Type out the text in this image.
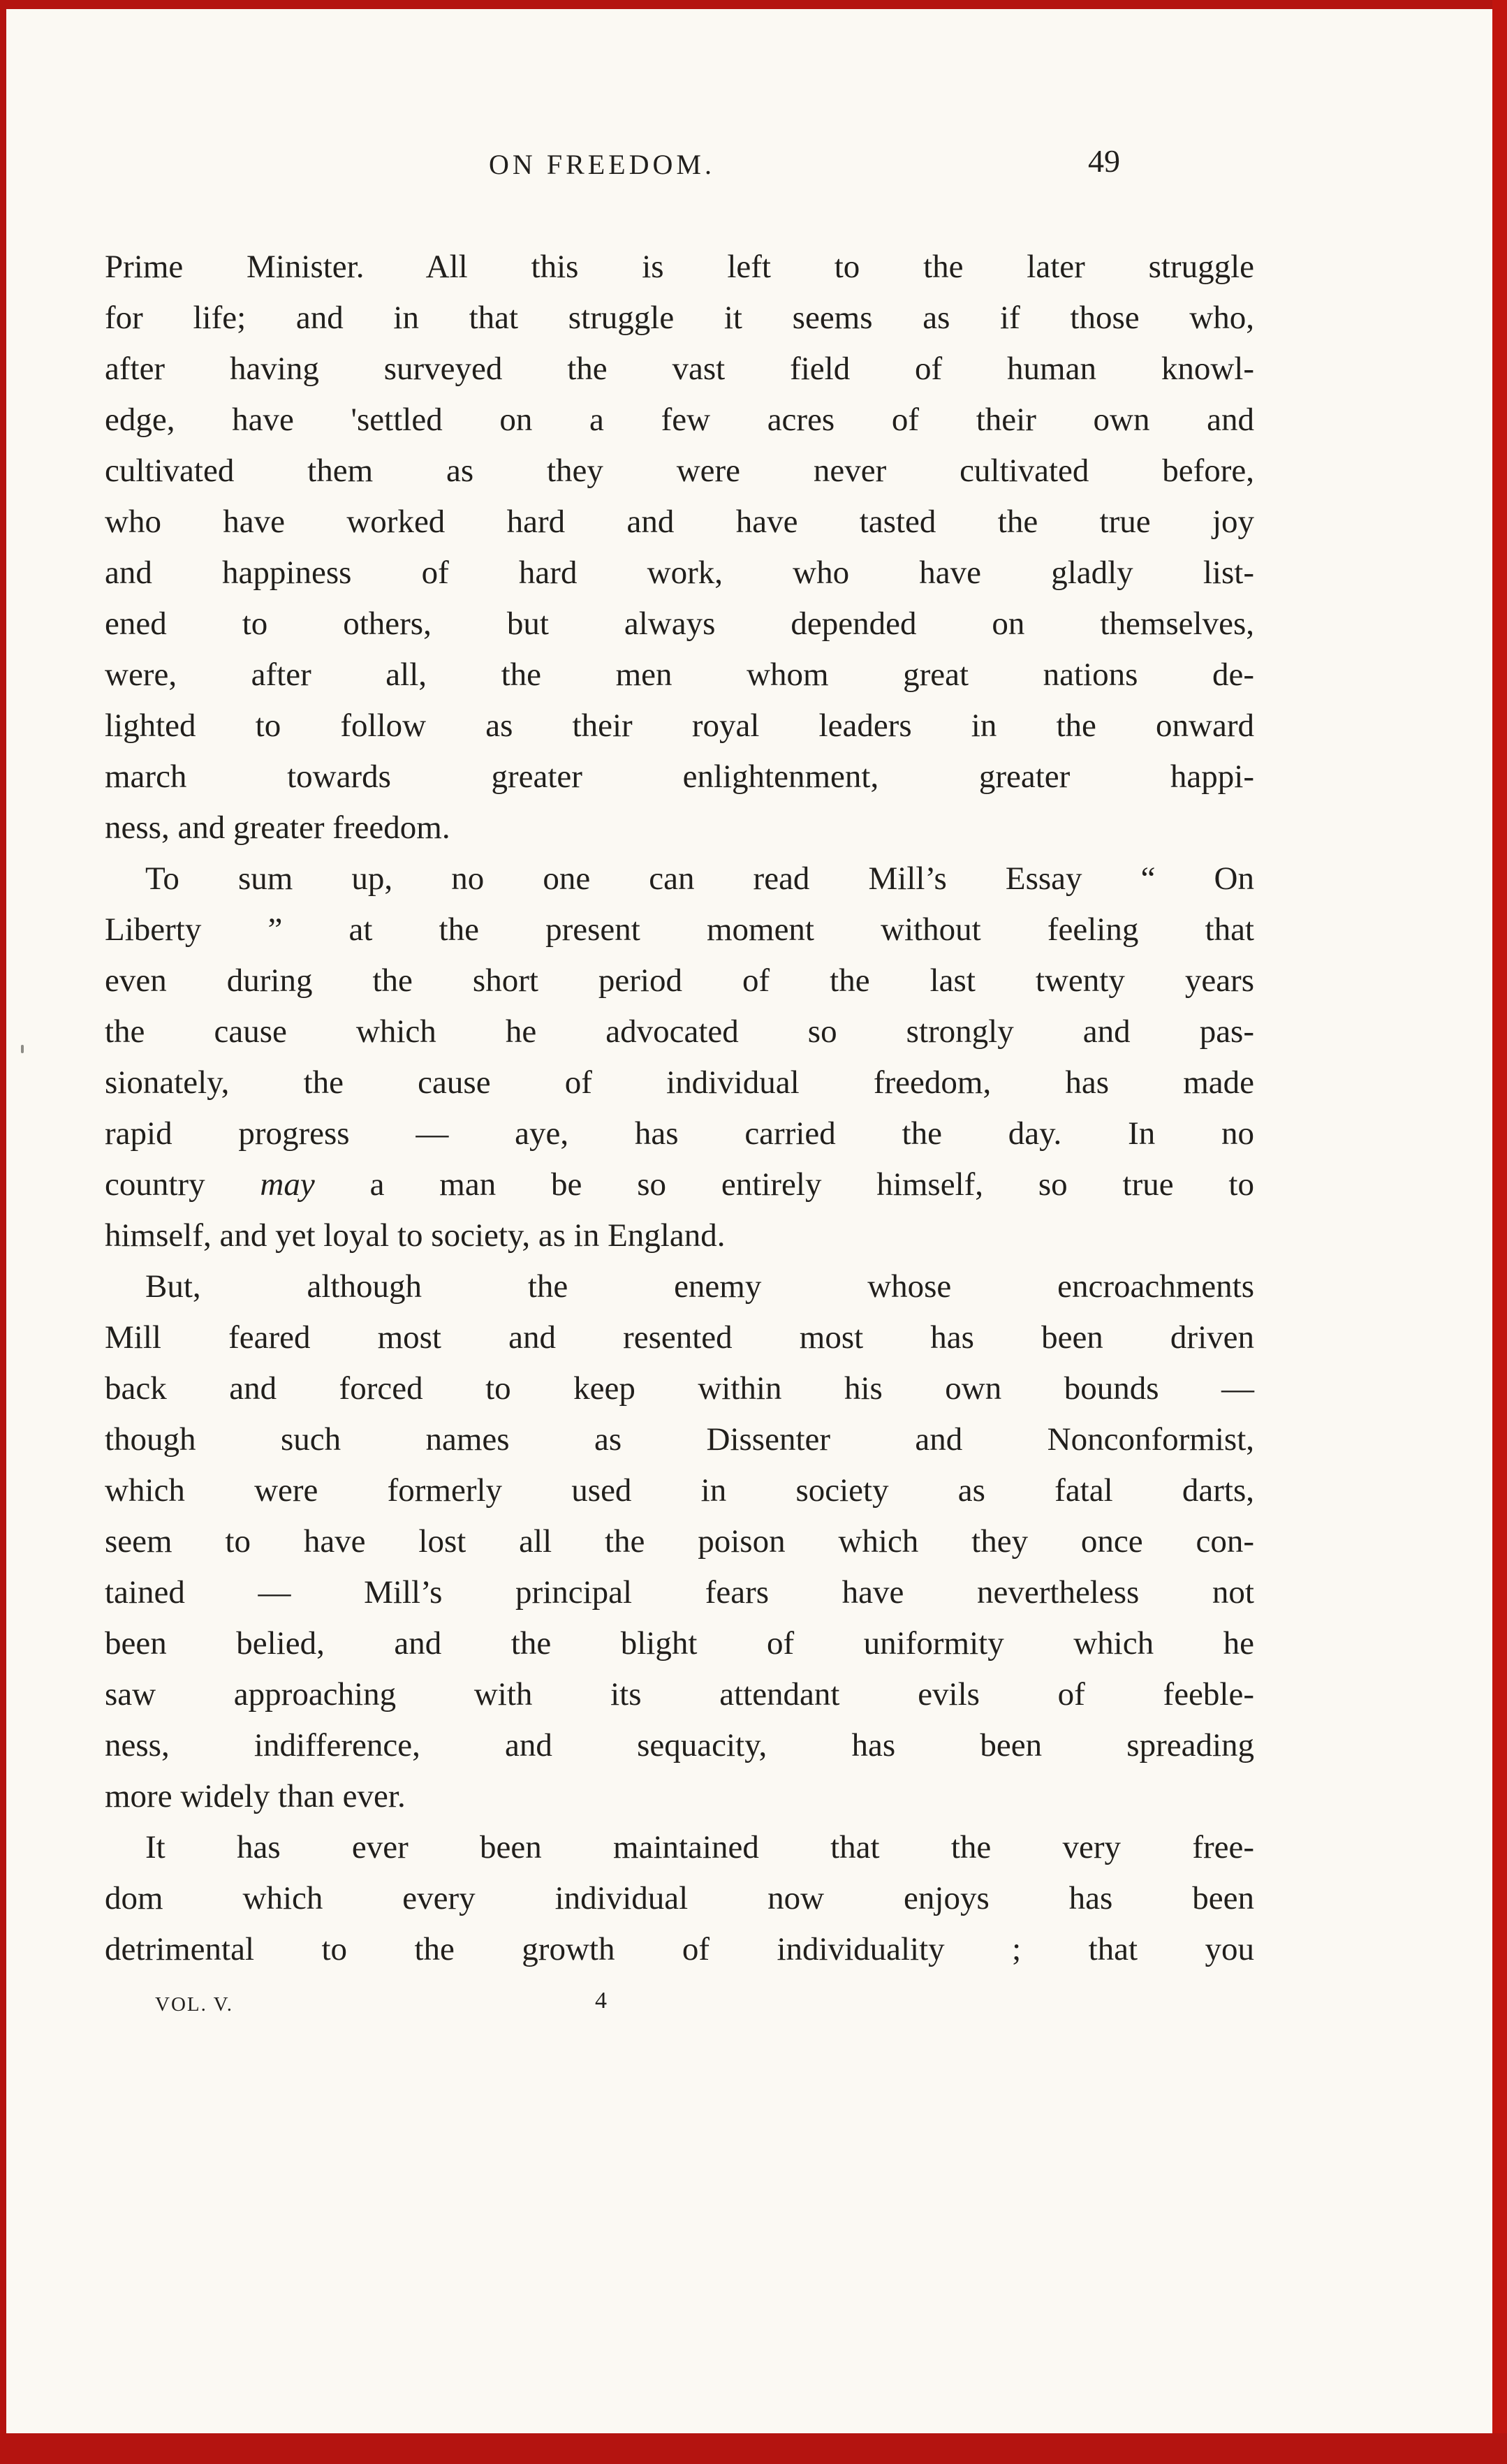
ON FREEDOM.	49
Prime Minister. All this is left to the later struggle
for life; and in that struggle it seems as if those who,
after having surveyed the vast field of human knowl-
edge, have 'settled on a few acres of their own and
cultivated them as they were never cultivated before,
who have worked hard and have tasted the true joy
and happiness of hard work, who have gladly list-
ened to others, but always depended on themselves,
were, after all, the men whom great nations de-
lighted to follow as their royal leaders in the onward
march towards greater enlightenment, greater happi-
ness, and greater freedom.
To sum up, no one can read Mill’s Essay “ On
Liberty ” at the present moment without feeling that
even during the short period of the last twenty years
the cause which he advocated so strongly and pas-
sionately, the cause of individual freedom, has made
rapid progress — aye, has carried the day. In no
country may a man be so entirely himself, so true to
himself, and yet loyal to society, as in England.
But, although the enemy whose encroachments
Mill feared most and resented most has been driven
back and forced to keep within his own bounds —
though such names as Dissenter and Nonconformist,
which were formerly used in society as fatal darts,
seem to have lost all the poison which they once con-
tained — Mill’s principal fears have nevertheless not
been belied, and the blight of uniformity which he
saw approaching with its attendant evils of feeble-
ness, indifference, and sequacity, has been spreading
more widely than ever.
It has ever been maintained that the very free-
dom which every individual now enjoys has been
detrimental to the growth of individuality ; that you
VOL. V.	4
